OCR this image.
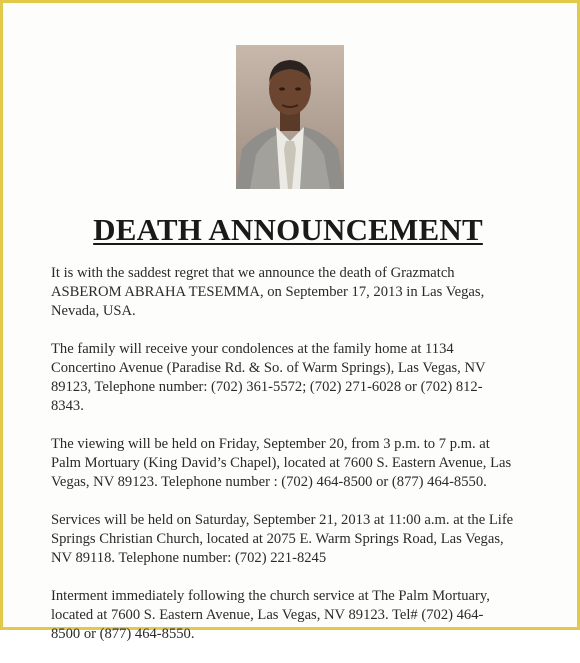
DEATH ANNOUNCEMENT

It is with the saddest regret that we announce the death of Grazmatch
ASBEROM ABRAHA TESEMMA, on September 17, 2013 in Las Vegas,
Nevada, USA.

The family will receive your condolences at the family home at 1134
Concertino Avenue (Paradise Rd. & So. of Warm Springs), Las Vegas, NV
89123, Telephone number: (702) 361-5572; (702) 271-6028 or (702) 812-
8343.

The viewing will be held on Friday, September 20, from 3 p.m. to 7 p.m. at
Palm Mortuary (King David’s Chapel), located at 7600 S. Eastern Avenue, Las
Vegas, NV 89123. Telephone number : (702) 464-8500 or (877) 464-8550.

Services will be held on Saturday, September 21, 2013 at 11:00 a.m. at the Life
Springs Christian Church, located at 2075 E. Warm Springs Road, Las Vegas,
NV 89118. Telephone number: (702) 221-8245

Interment immediately following the church service at The Palm Mortuary,
located at 7600 S. Eastern Avenue, Las Vegas, NV 89123. Tel# (702) 464-
8500 or (877) 464-8550.
